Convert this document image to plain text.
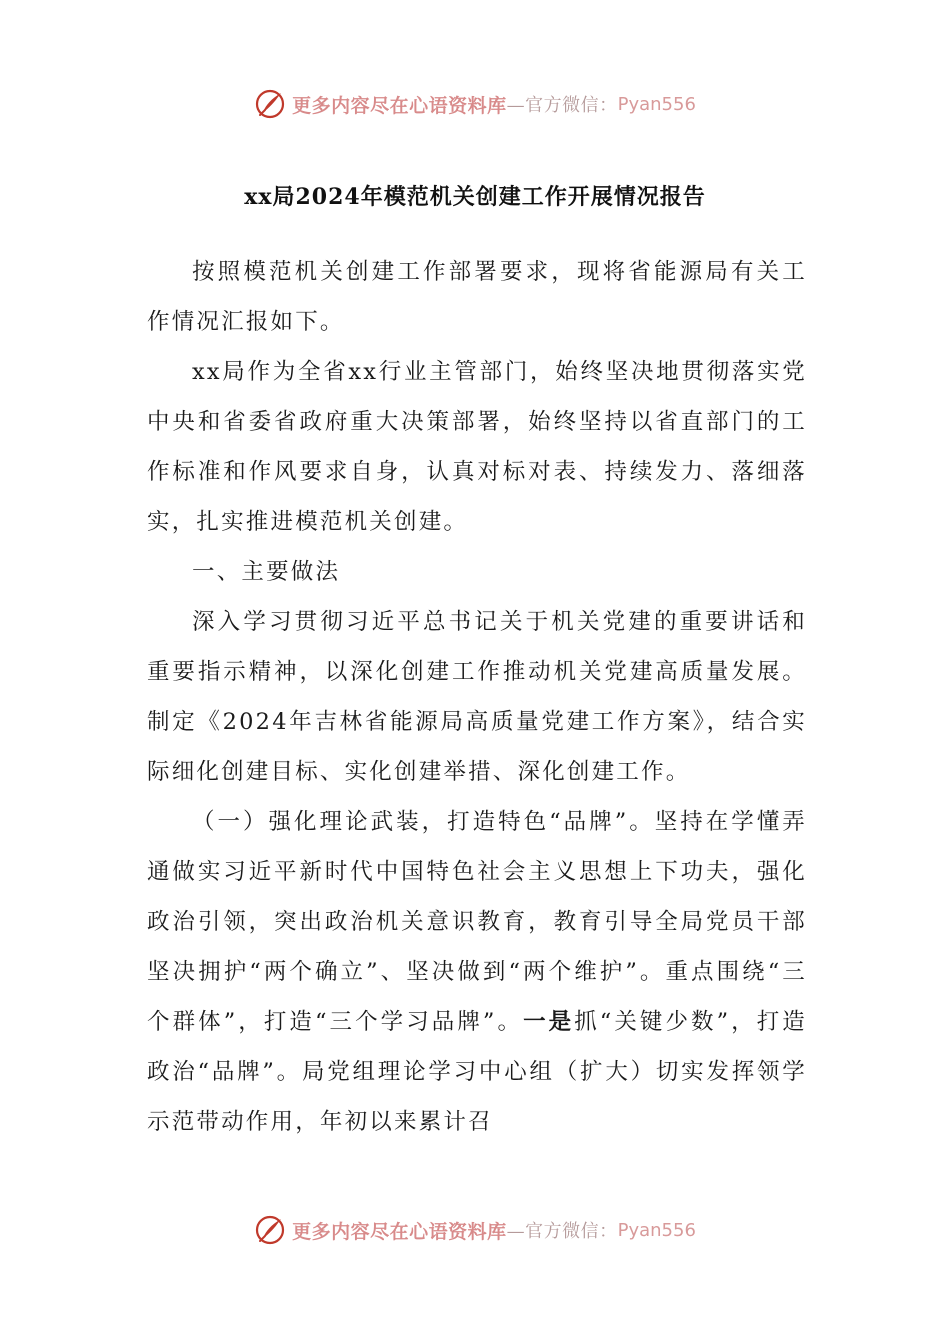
更多内容尽在心语资料库 —官方微信： Pyan556
xx局2024年模范机关创建工作开展情况报告

按照模范机关创建工作部署要求，现将省能源局有关工作情况汇报如下。

xx局作为全省xx行业主管部门，始终坚决地贯彻落实党中央和省委省政府重大决策部署，始终坚持以省直部门的工作标准和作风要求自身，认真对标对表、持续发力、落细落实，扎实推进模范机关创建。

一、主要做法

深入学习贯彻习近平总书记关于机关党建的重要讲话和重要指示精神，以深化创建工作推动机关党建高质量发展。制定《2024年吉林省能源局高质量党建工作方案》，结合实际细化创建目标、实化创建举措、深化创建工作。

（一）强化理论武装，打造特色“品牌”。坚持在学懂弄通做实习近平新时代中国特色社会主义思想上下功夫，强化政治引领，突出政治机关意识教育，教育引导全局党员干部坚决拥护“两个确立”、坚决做到“两个维护”。重点围绕“三个群体”，打造“三个学习品牌”。一是抓“关键少数”，打造政治“品牌”。局党组理论学习中心组（扩大）切实发挥领学示范带动作用，年初以来累计召

更多内容尽在心语资料库 —官方微信： Pyan556
